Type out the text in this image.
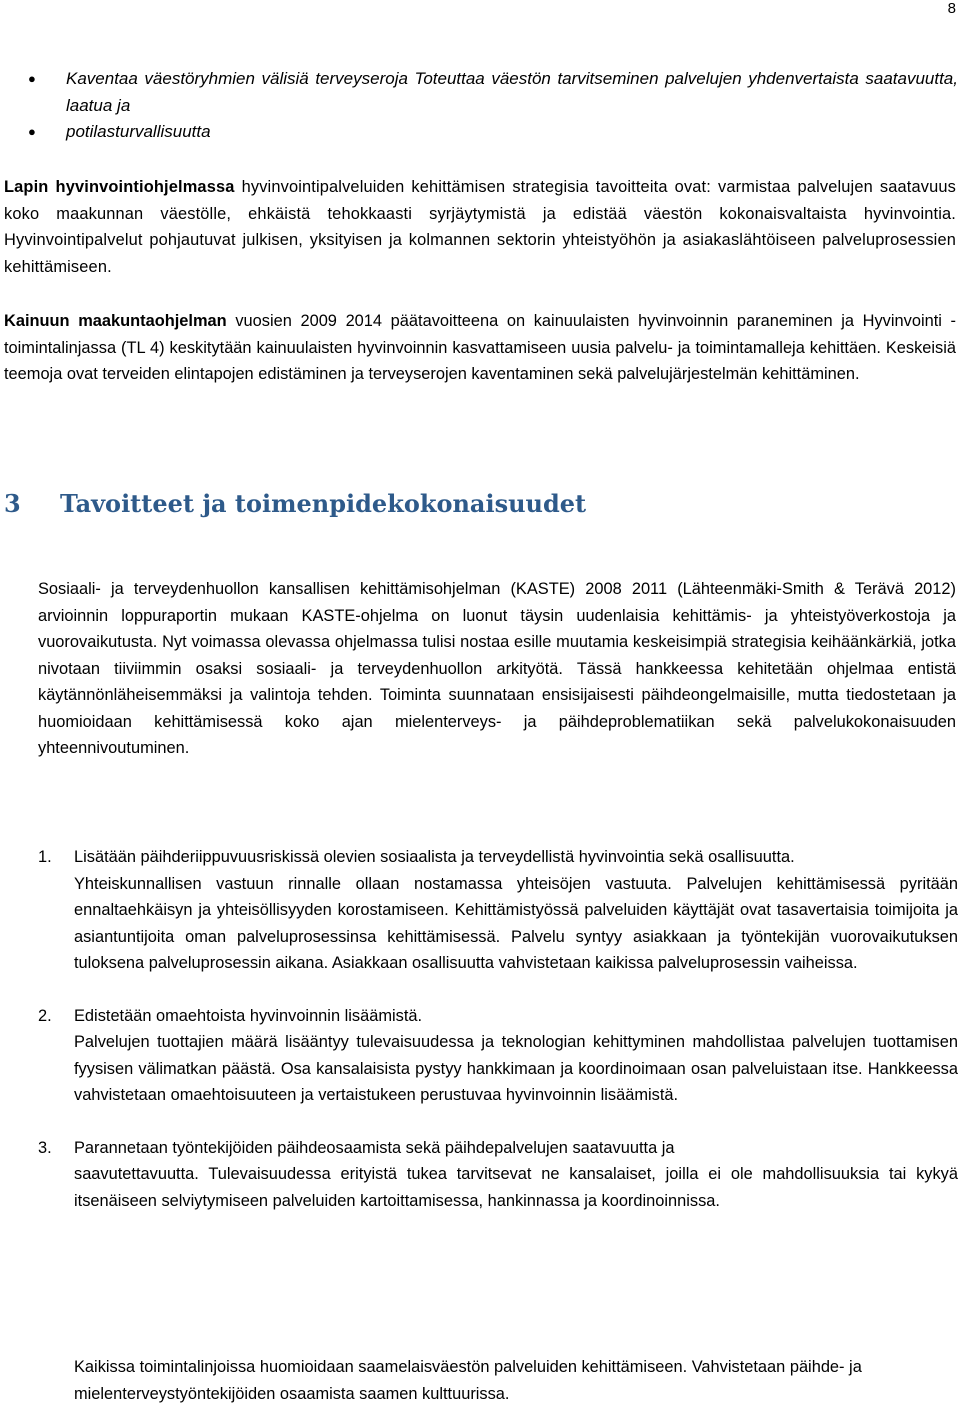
8
●	Kaventaa väestöryhmien välisiä terveyseroja Toteuttaa väestön tarvitseminen palvelujen yhdenvertaista saatavuutta, laatua ja
●	potilasturvallisuutta
Lapin hyvinvointiohjelmassa hyvinvointipalveluiden kehittämisen strategisia tavoitteita ovat: varmistaa palvelujen saatavuus koko maakunnan väestölle, ehkäistä tehokkaasti syrjäytymistä ja edistää väestön kokonaisvaltaista hyvinvointia. Hyvinvointipalvelut pohjautuvat julkisen, yksityisen ja kolmannen sektorin yhteistyöhön ja asiakaslähtöiseen palveluprosessien kehittämiseen.
Kainuun maakuntaohjelman vuosien 2009 2014 päätavoitteena on kainuulaisten hyvinvoinnin paraneminen ja Hyvinvointi -toimintalinjassa (TL 4) keskitytään kainuulaisten hyvinvoinnin kasvattamiseen uusia palvelu- ja toimintamalleja kehittäen. Keskeisiä teemoja ovat terveiden elintapojen edistäminen ja terveyserojen kaventaminen sekä palvelujärjestelmän kehittäminen.
3 Tavoitteet ja toimenpidekokonaisuudet
Sosiaali- ja terveydenhuollon kansallisen kehittämisohjelman (KASTE) 2008 2011 (Lähteenmäki-Smith & Terävä 2012) arvioinnin loppuraportin mukaan KASTE-ohjelma on luonut täysin uudenlaisia kehittämis- ja yhteistyöverkostoja ja vuorovaikutusta. Nyt voimassa olevassa ohjelmassa tulisi nostaa esille muutamia keskeisimpiä strategisia keihäänkärkiä, jotka nivotaan tiiviimmin osaksi sosiaali- ja terveydenhuollon arkityötä. Tässä hankkeessa kehitetään ohjelmaa entistä käytännönläheisemmäksi ja valintoja tehden. Toiminta suunnataan ensisijaisesti päihdeongelmaisille, mutta tiedostetaan ja huomioidaan kehittämisessä koko ajan mielenterveys- ja päihdeproblematiikan sekä palvelukokonaisuuden yhteennivoutuminen.
1.	Lisätään päihderiippuvuusriskissä olevien sosiaalista ja terveydellistä hyvinvointia sekä osallisuutta.
Yhteiskunnallisen vastuun rinnalle ollaan nostamassa yhteisöjen vastuuta. Palvelujen kehittämisessä pyritään ennaltaehkäisyn ja yhteisöllisyyden korostamiseen. Kehittämistyössä palveluiden käyttäjät ovat tasavertaisia toimijoita ja asiantuntijoita oman palveluprosessinsa kehittämisessä. Palvelu syntyy asiakkaan ja työntekijän vuorovaikutuksen tuloksena palveluprosessin aikana. Asiakkaan osallisuutta vahvistetaan kaikissa palveluprosessin vaiheissa.
2.	Edistetään omaehtoista hyvinvoinnin lisäämistä.
Palvelujen tuottajien määrä lisääntyy tulevaisuudessa ja teknologian kehittyminen mahdollistaa palvelujen tuottamisen fyysisen välimatkan päästä. Osa kansalaisista pystyy hankkimaan ja koordinoimaan osan palveluistaan itse. Hankkeessa vahvistetaan omaehtoisuuteen ja vertaistukeen perustuvaa hyvinvoinnin lisäämistä.
3.	Parannetaan työntekijöiden päihdeosaamista sekä päihdepalvelujen saatavuutta ja
saavutettavuutta. Tulevaisuudessa erityistä tukea tarvitsevat ne kansalaiset, joilla ei ole mahdollisuuksia tai kykyä itsenäiseen selviytymiseen palveluiden kartoittamisessa, hankinnassa ja koordinoinnissa.
Kaikissa toimintalinjoissa huomioidaan saamelaisväestön palveluiden kehittämiseen. Vahvistetaan päihde- ja mielenterveystyöntekijöiden osaamista saamen kulttuurissa.
